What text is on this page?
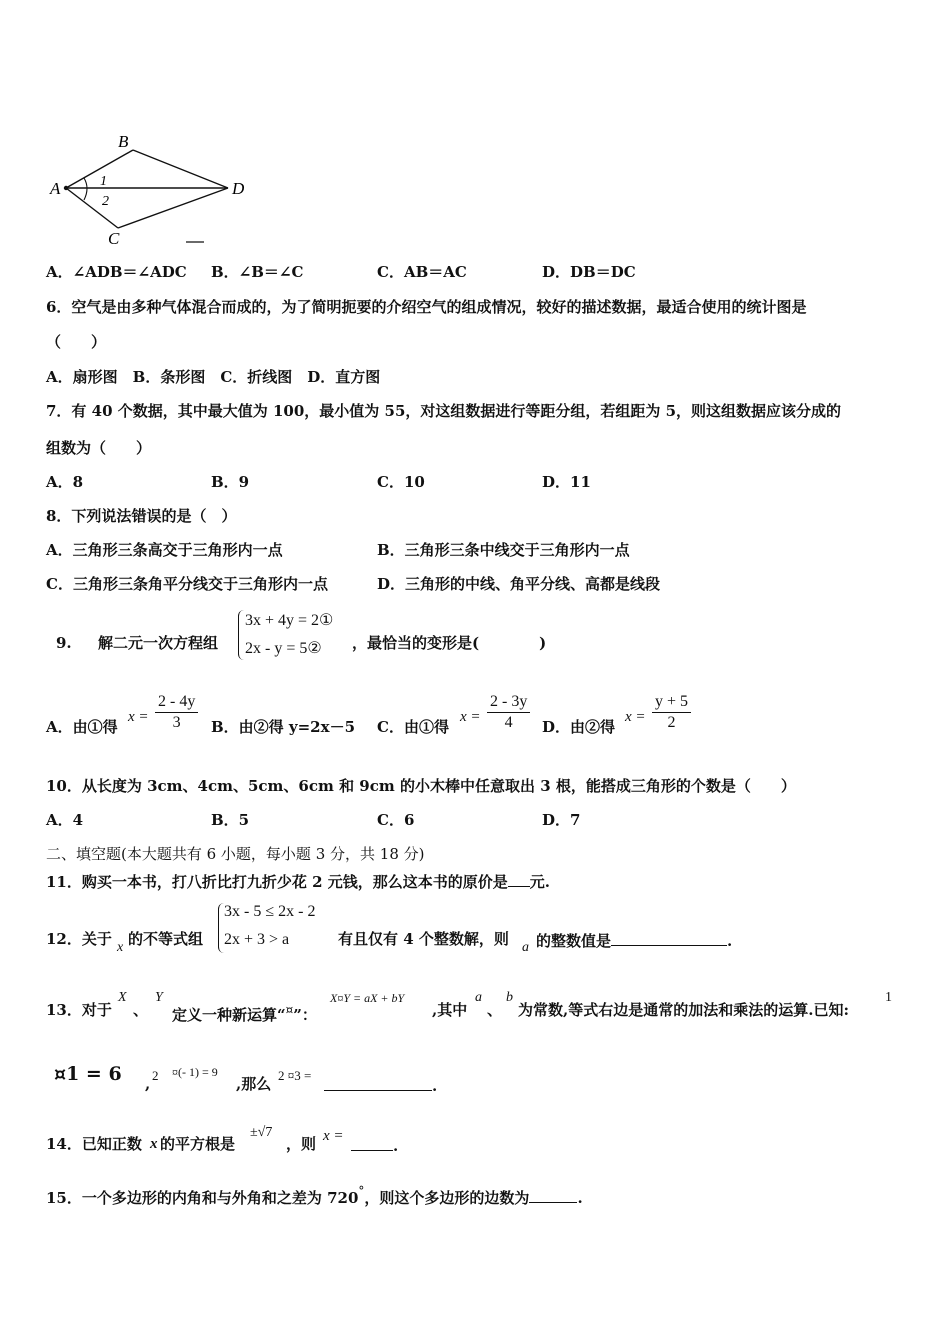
A
B
C
D
1
2
A．∠ADB＝∠ADC B．∠B＝∠C	C．AB＝AC	D．DB＝DC
6．空气是由多种气体混合而成的，为了简明扼要的介绍空气的组成情况，较好的描述数据，最适合使用的统计图是
（　　）
A．扇形图　B．条形图　C．折线图　D．直方图
7．有 40 个数据，其中最大值为 100，最小值为 55，对这组数据进行等距分组，若组距为 5，则这组数据应该分成的
组数为（　　）
A．8	B．9	C．10	D．11
8．下列说法错误的是（　）
A．三角形三条高交于三角形内一点	B．三角形三条中线交于三角形内一点
C．三角形三条角平分线交于三角形内一点	D．三角形的中线、角平分线、高都是线段
9. 解二元一次方程组
3x + 4y = 2①
2x - y = 5② ，最恰当的变形是(　　　　)
A．由①得
$x = \frac{2 - 4y}{3}$ B．由②得 y=2x－5 C．由①得
$x = \frac{2 - 3y}{4}$ D．由②得
$x = \frac{y + 5}{2}$
10．从长度为 3cm、4cm、5cm、6cm 和 9cm 的小木棒中任意取出 3 根，能搭成三角形的个数是（　　）
A．4	B．5	C．6	D．7
二、填空题(本大题共有 6 小题，每小题 3 分，共 18 分)
11．购买一本书，打八折比打九折少花 2 元钱，那么这本书的原价是 元.
12．关于 x 的不等式组
3x - 5 ≤ 2x - 2
2x + 3 > a	有且仅有 4 个整数解，则 a 的整数值是	.
13．对于
X
、
Y
定义一种新运算“¤”：
X¤Y = aX + bY
,其中
a
、
b
为常数,等式右边是通常的加法和乘法的运算.已知:
1
¤1 = 6 , 2 ¤(- 1) = 9
,那么 2 ¤3 =
.
14．已知正数 x 的平方根是
±√7
，则 x =
.
15．一个多边形的内角和与外角和之差为 720°，则这个多边形的边数为	.
